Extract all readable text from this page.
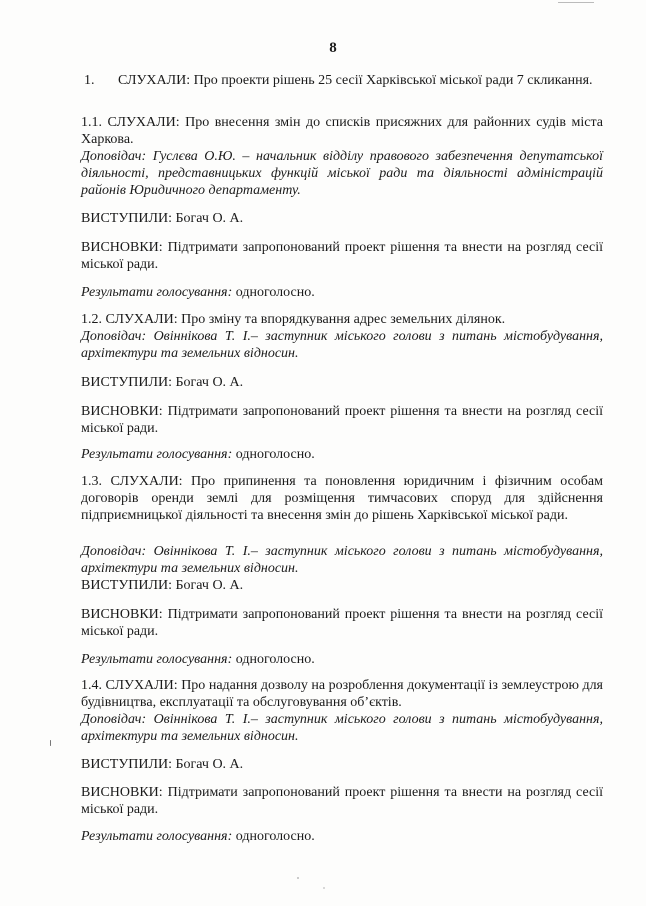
8
1. СЛУХАЛИ: Про проекти рішень 25 сесії Харківської міської ради 7 скликання.
1.1. СЛУХАЛИ: Про внесення змін до списків присяжних для районних судів міста Харкова.
Доповідач: Гуслєва О.Ю. – начальник відділу правового забезпечення депутатської діяльності, представницьких функцій міської ради та діяльності адміністрацій районів Юридичного департаменту.
ВИСТУПИЛИ: Богач О. А.
ВИСНОВКИ: Підтримати запропонований проект рішення та внести на розгляд сесії міської ради.
Результати голосування: одноголосно.
1.2. СЛУХАЛИ: Про зміну та впорядкування адрес земельних ділянок.
Доповідач: Овіннікова Т. І.– заступник міського голови з питань містобудування, архітектури та земельних відносин.
ВИСТУПИЛИ: Богач О. А.
ВИСНОВКИ: Підтримати запропонований проект рішення та внести на розгляд сесії міської ради.
Результати голосування: одноголосно.
1.3. СЛУХАЛИ: Про припинення та поновлення юридичним і фізичним особам договорів оренди землі для розміщення тимчасових споруд для здійснення підприємницької діяльності та внесення змін до рішень Харківської міської ради.
Доповідач: Овіннікова Т. І.– заступник міського голови з питань містобудування, архітектури та земельних відносин.
ВИСТУПИЛИ: Богач О. А.
ВИСНОВКИ: Підтримати запропонований проект рішення та внести на розгляд сесії міської ради.
Результати голосування: одноголосно.
1.4. СЛУХАЛИ: Про надання дозволу на розроблення документації із землеустрою для будівництва, експлуатації та обслуговування об’єктів.
Доповідач: Овіннікова Т. І.– заступник міського голови з питань містобудування, архітектури та земельних відносин.
ВИСТУПИЛИ: Богач О. А.
ВИСНОВКИ: Підтримати запропонований проект рішення та внести на розгляд сесії міської ради.
Результати голосування: одноголосно.
